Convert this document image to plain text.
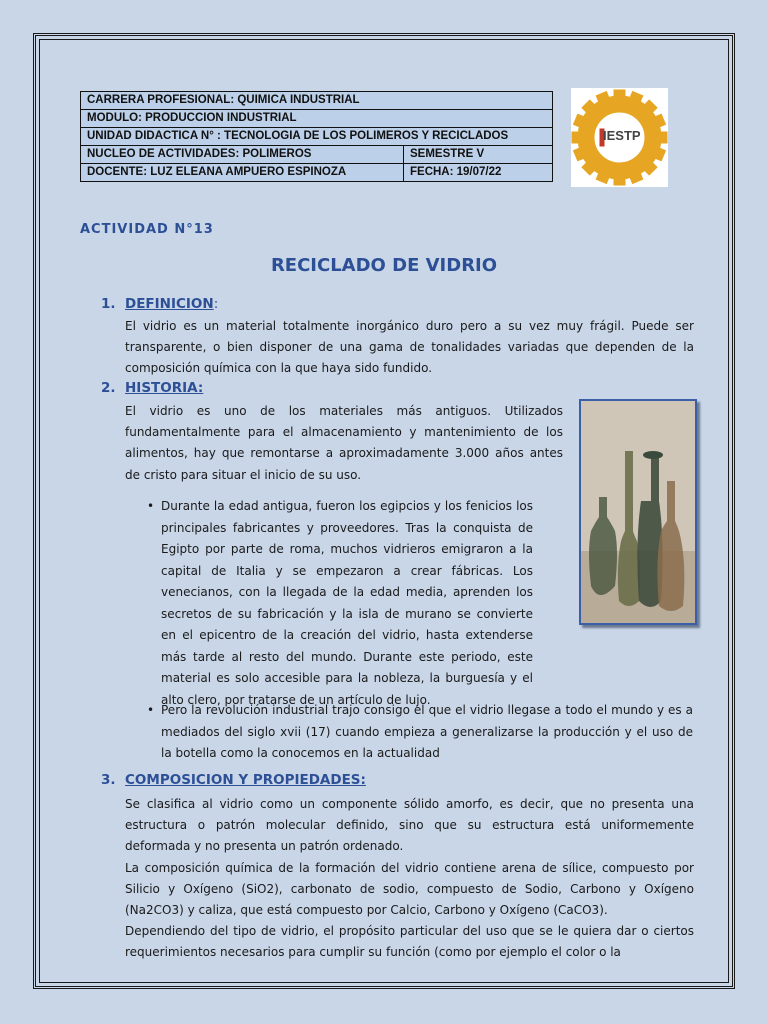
CARRERA PROFESIONAL: QUIMICA INDUSTRIAL	
MODULO: PRODUCCION INDUSTRIAL	
UNIDAD DIDACTICA N° : TECNOLOGIA DE LOS POLIMEROS Y RECICLADOS	
NUCLEO DE ACTIVIDADES: POLIMEROS	SEMESTRE V
DOCENTE: LUZ ELEANA AMPUERO ESPINOZA	FECHA: 19/07/22
IESTP
ACTIVIDAD N°13
RECICLADO DE VIDRIO
1. DEFINICION:

El vidrio es un material totalmente inorgánico duro pero a su vez muy frágil. Puede ser transparente, o bien disponer de una gama de tonalidades variadas que dependen de la composición química con la que haya sido fundido.

2. HISTORIA:

El vidrio es uno de los materiales más antiguos. Utilizados fundamentalmente para el almacenamiento y mantenimiento de los alimentos, hay que remontarse a aproximadamente 3.000 años antes de cristo para situar el inicio de su uso.

• Durante la edad antigua, fueron los egipcios y los fenicios los principales fabricantes y proveedores. Tras la conquista de Egipto por parte de roma, muchos vidrieros emigraron a la capital de Italia y se empezaron a crear fábricas. Los venecianos, con la llegada de la edad media, aprenden los secretos de su fabricación y la isla de murano se convierte en el epicentro de la creación del vidrio, hasta extenderse más tarde al resto del mundo. Durante este periodo, este material es solo accesible para la nobleza, la burguesía y el alto clero, por tratarse de un artículo de lujo.

• Pero la revolución industrial trajo consigo el que el vidrio llegase a todo el mundo y es a mediados del siglo xvii (17) cuando empieza a generalizarse la producción y el uso de la botella como la conocemos en la actualidad

3. COMPOSICION Y PROPIEDADES:

Se clasifica al vidrio como un componente sólido amorfo, es decir, que no presenta una estructura o patrón molecular definido, sino que su estructura está uniformemente deformada y no presenta un patrón ordenado.

La composición química de la formación del vidrio contiene arena de sílice, compuesto por Silicio y Oxígeno (SiO2), carbonato de sodio, compuesto de Sodio, Carbono y Oxígeno (Na2CO3) y caliza, que está compuesto por Calcio, Carbono y Oxígeno (CaCO3).

Dependiendo del tipo de vidrio, el propósito particular del uso que se le quiera dar o ciertos requerimientos necesarios para cumplir su función (como por ejemplo el color o la
